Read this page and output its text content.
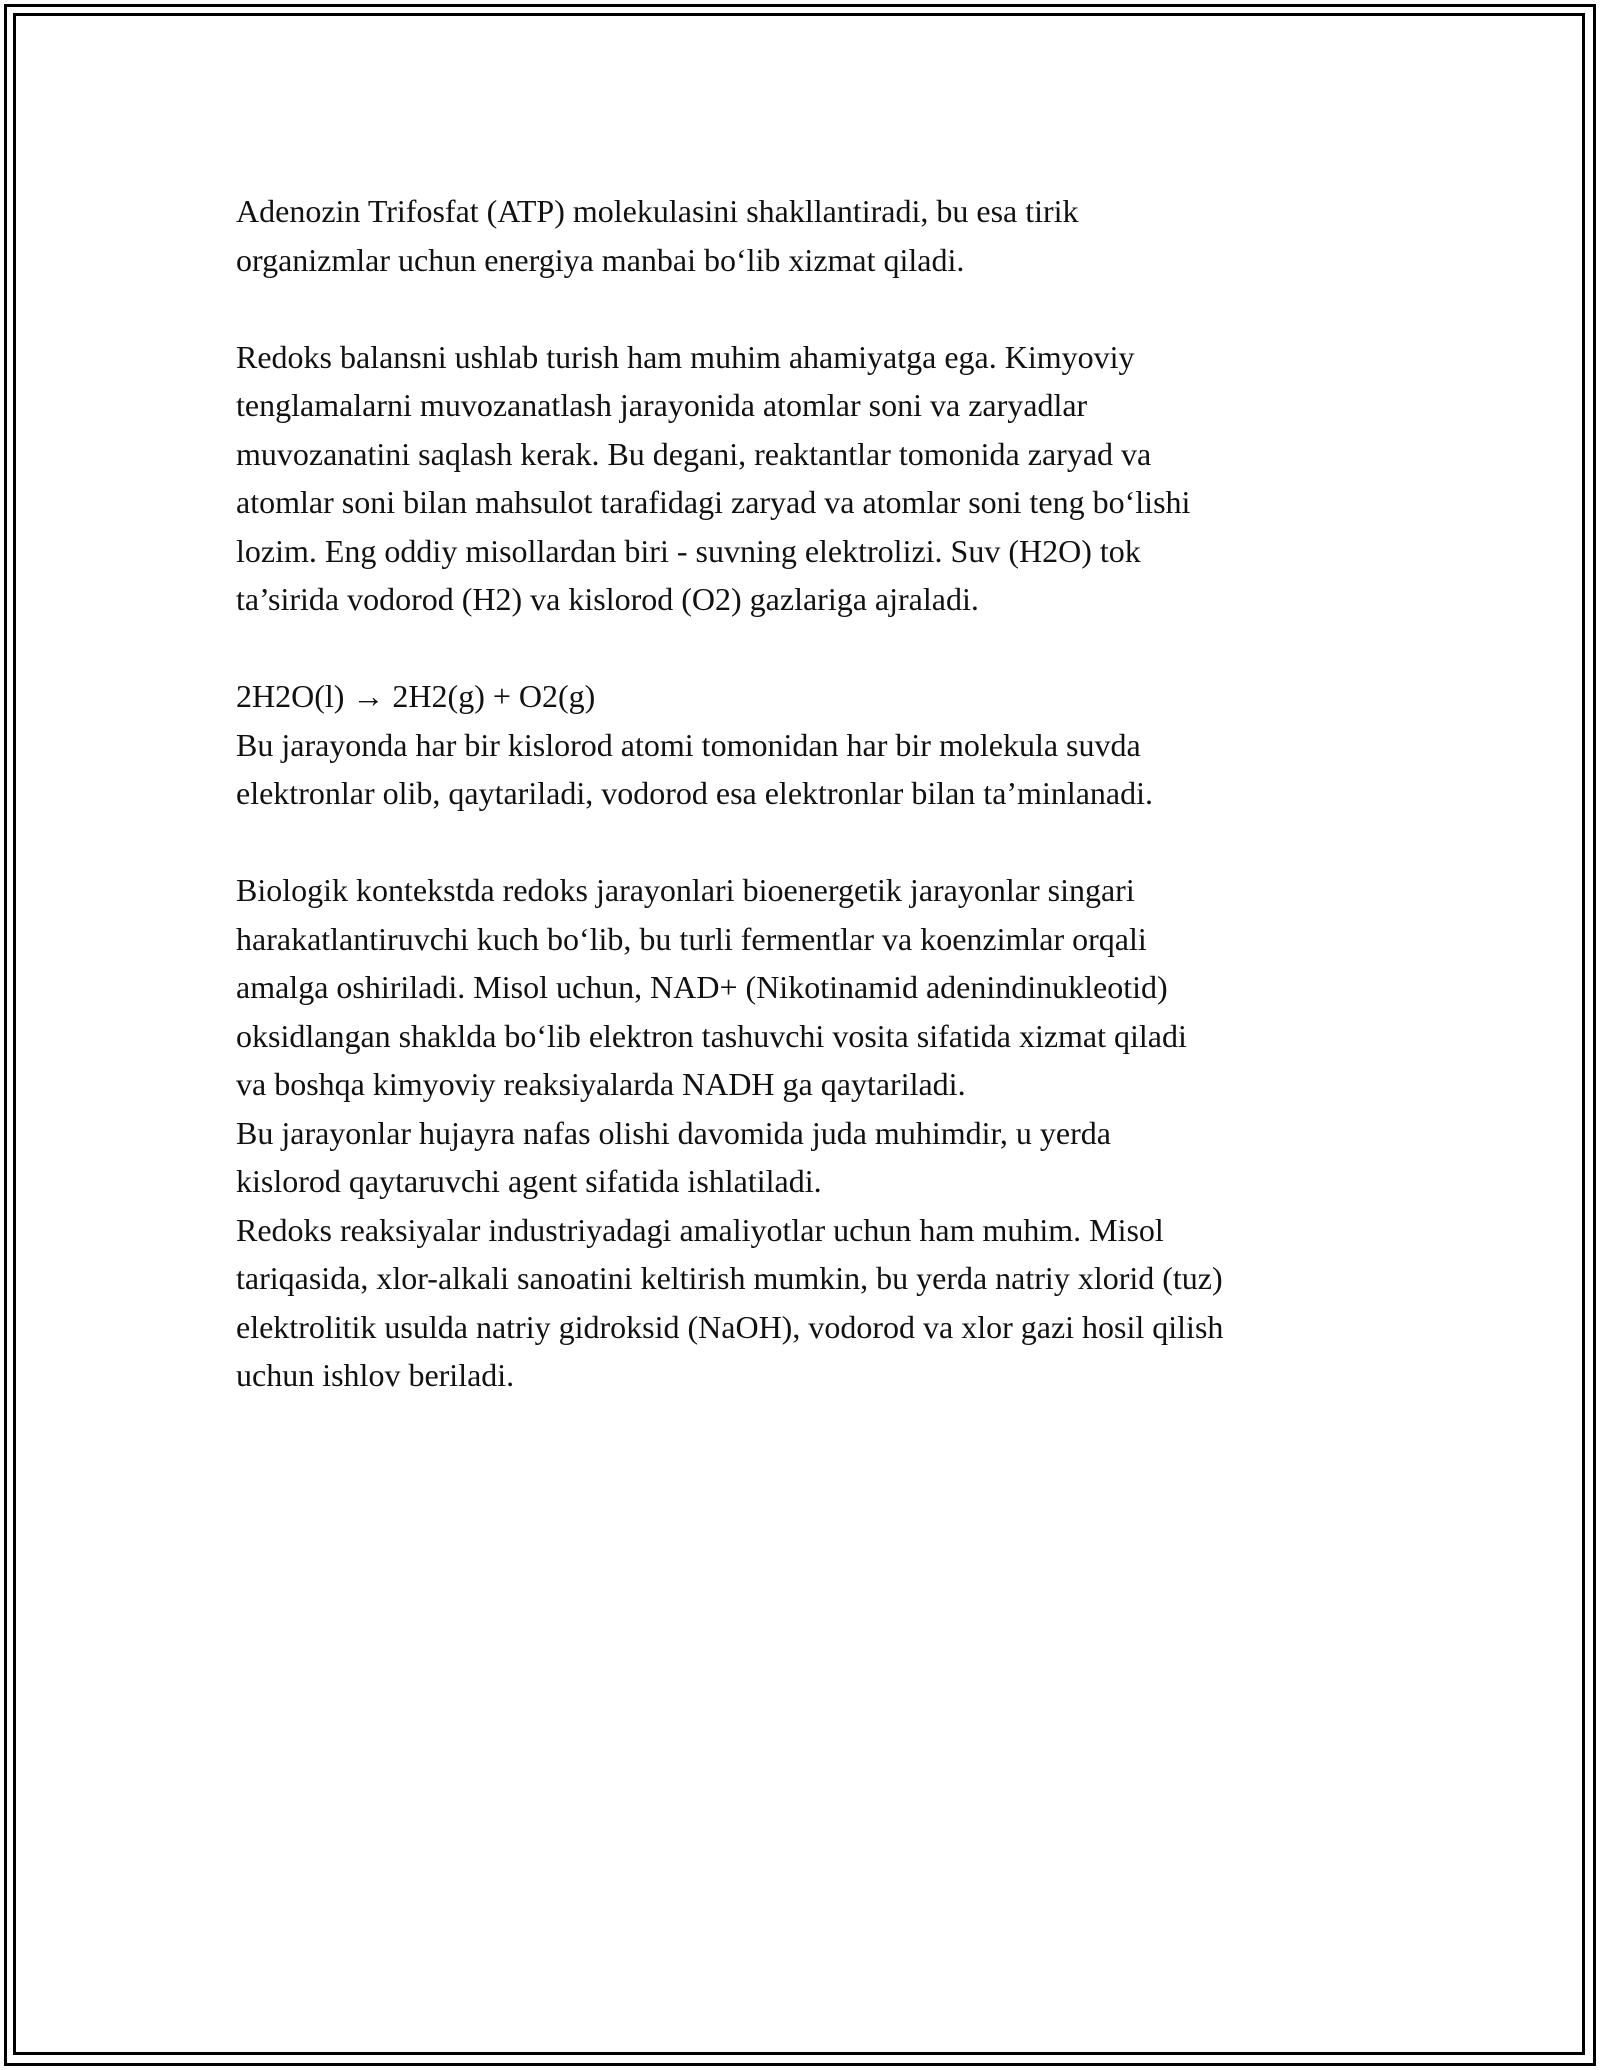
Adenozin Trifosfat (ATP) molekulasini shakllantiradi, bu esa tirik
organizmlar uchun energiya manbai bo‘lib xizmat qiladi.

Redoks balansni ushlab turish ham muhim ahamiyatga ega. Kimyoviy
tenglamalarni muvozanatlash jarayonida atomlar soni va zaryadlar
muvozanatini saqlash kerak. Bu degani, reaktantlar tomonida zaryad va
atomlar soni bilan mahsulot tarafidagi zaryad va atomlar soni teng bo‘lishi
lozim. Eng oddiy misollardan biri - suvning elektrolizi. Suv (H2O) tok
ta’sirida vodorod (H2) va kislorod (O2) gazlariga ajraladi.

2H2O(l) → 2H2(g) + O2(g)
Bu jarayonda har bir kislorod atomi tomonidan har bir molekula suvda
elektronlar olib, qaytariladi, vodorod esa elektronlar bilan ta’minlanadi.

Biologik kontekstda redoks jarayonlari bioenergetik jarayonlar singari
harakatlantiruvchi kuch bo‘lib, bu turli fermentlar va koenzimlar orqali
amalga oshiriladi. Misol uchun, NAD+ (Nikotinamid adenindinukleotid)
oksidlangan shaklda bo‘lib elektron tashuvchi vosita sifatida xizmat qiladi
va boshqa kimyoviy reaksiyalarda NADH ga qaytariladi.
Bu jarayonlar hujayra nafas olishi davomida juda muhimdir, u yerda
kislorod qaytaruvchi agent sifatida ishlatiladi.
Redoks reaksiyalar industriyadagi amaliyotlar uchun ham muhim. Misol
tariqasida, xlor-alkali sanoatini keltirish mumkin, bu yerda natriy xlorid (tuz)
elektrolitik usulda natriy gidroksid (NaOH), vodorod va xlor gazi hosil qilish
uchun ishlov beriladi.
